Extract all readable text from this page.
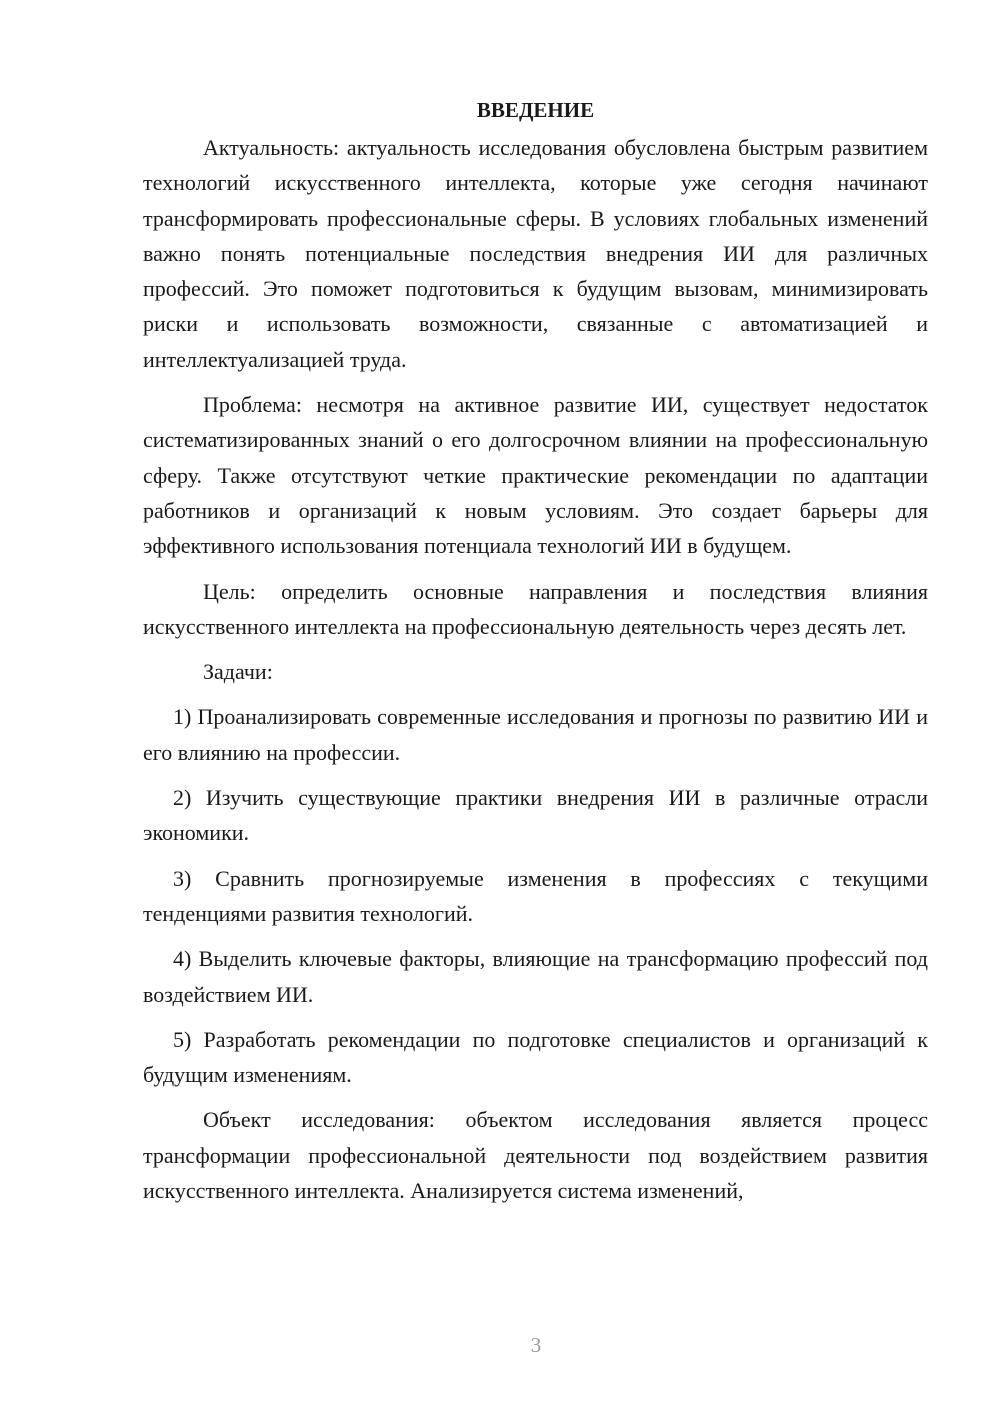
ВВЕДЕНИЕ

Актуальность: актуальность исследования обусловлена быстрым развитием технологий искусственного интеллекта, которые уже сегодня начинают трансформировать профессиональные сферы. В условиях глобальных изменений важно понять потенциальные последствия внедрения ИИ для различных профессий. Это поможет подготовиться к будущим вызовам, минимизировать риски и использовать возможности, связанные с автоматизацией и интеллектуализацией труда.

Проблема: несмотря на активное развитие ИИ, существует недостаток систематизированных знаний о его долгосрочном влиянии на профессиональную сферу. Также отсутствуют четкие практические рекомендации по адаптации работников и организаций к новым условиям. Это создает барьеры для эффективного использования потенциала технологий ИИ в будущем.

Цель: определить основные направления и последствия влияния искусственного интеллекта на профессиональную деятельность через десять лет.

Задачи:

1) Проанализировать современные исследования и прогнозы по развитию ИИ и его влиянию на профессии.

2) Изучить существующие практики внедрения ИИ в различные отрасли экономики.

3) Сравнить прогнозируемые изменения в профессиях с текущими тенденциями развития технологий.

4) Выделить ключевые факторы, влияющие на трансформацию профессий под воздействием ИИ.

5) Разработать рекомендации по подготовке специалистов и организаций к будущим изменениям.

Объект исследования: объектом исследования является процесс трансформации профессиональной деятельности под воздействием развития искусственного интеллекта. Анализируется система изменений,

3
